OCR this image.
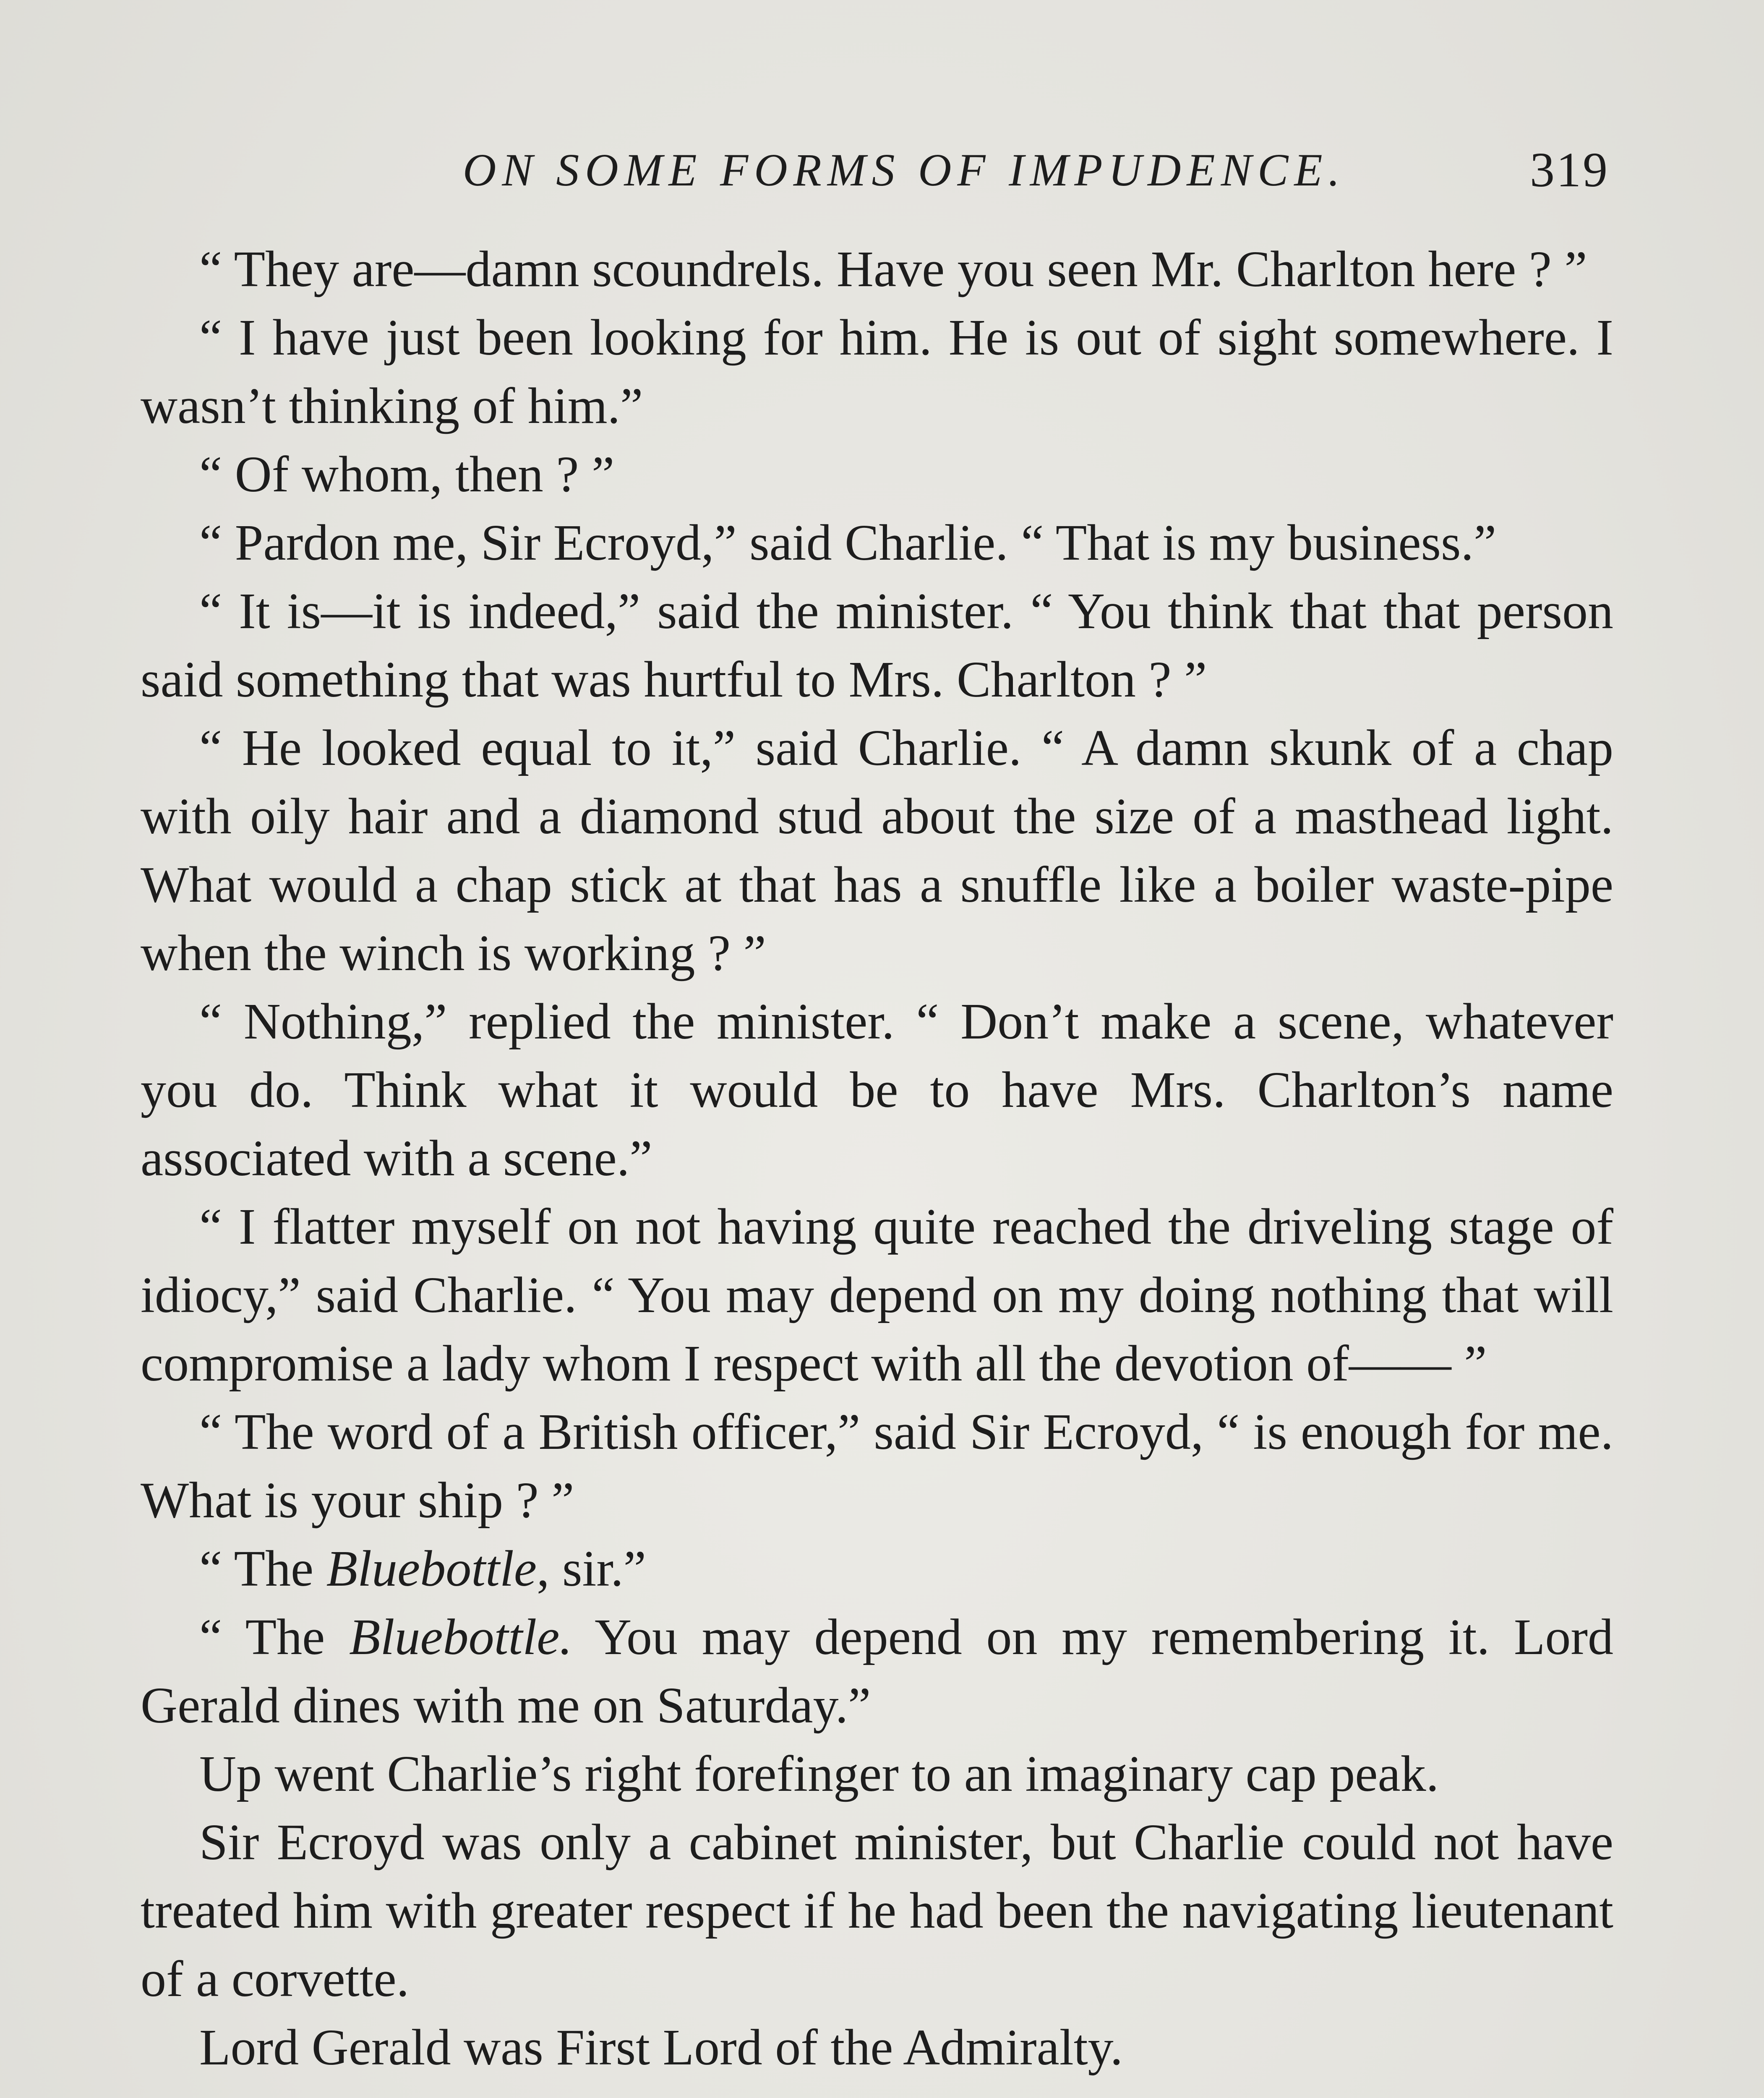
ON SOME FORMS OF IMPUDENCE.	319

“ They are—damn scoundrels. Have you seen Mr. Charlton here ? ”

“ I have just been looking for him. He is out of sight somewhere. I wasn’t thinking of him.”

“ Of whom, then ? ”

“ Pardon me, Sir Ecroyd,” said Charlie. “ That is my business.”

“ It is—it is indeed,” said the minister. “ You think that that person said something that was hurtful to Mrs. Charlton ? ”

“ He looked equal to it,” said Charlie. “ A damn skunk of a chap with oily hair and a diamond stud about the size of a masthead light. What would a chap stick at that has a snuffle like a boiler waste-pipe when the winch is working ? ”

“ Nothing,” replied the minister. “ Don’t make a scene, whatever you do. Think what it would be to have Mrs. Charlton’s name associated with a scene.”

“ I flatter myself on not having quite reached the driveling stage of idiocy,” said Charlie. “ You may depend on my doing nothing that will compromise a lady whom I respect with all the devotion of—— ”

“ The word of a British officer,” said Sir Ecroyd, “ is enough for me. What is your ship ? ”

“ The Bluebottle, sir.”

“ The Bluebottle. You may depend on my remembering it. Lord Gerald dines with me on Saturday.”

Up went Charlie’s right forefinger to an imaginary cap peak.

Sir Ecroyd was only a cabinet minister, but Charlie could not have treated him with greater respect if he had been the navigating lieutenant of a corvette.

Lord Gerald was First Lord of the Admiralty.
